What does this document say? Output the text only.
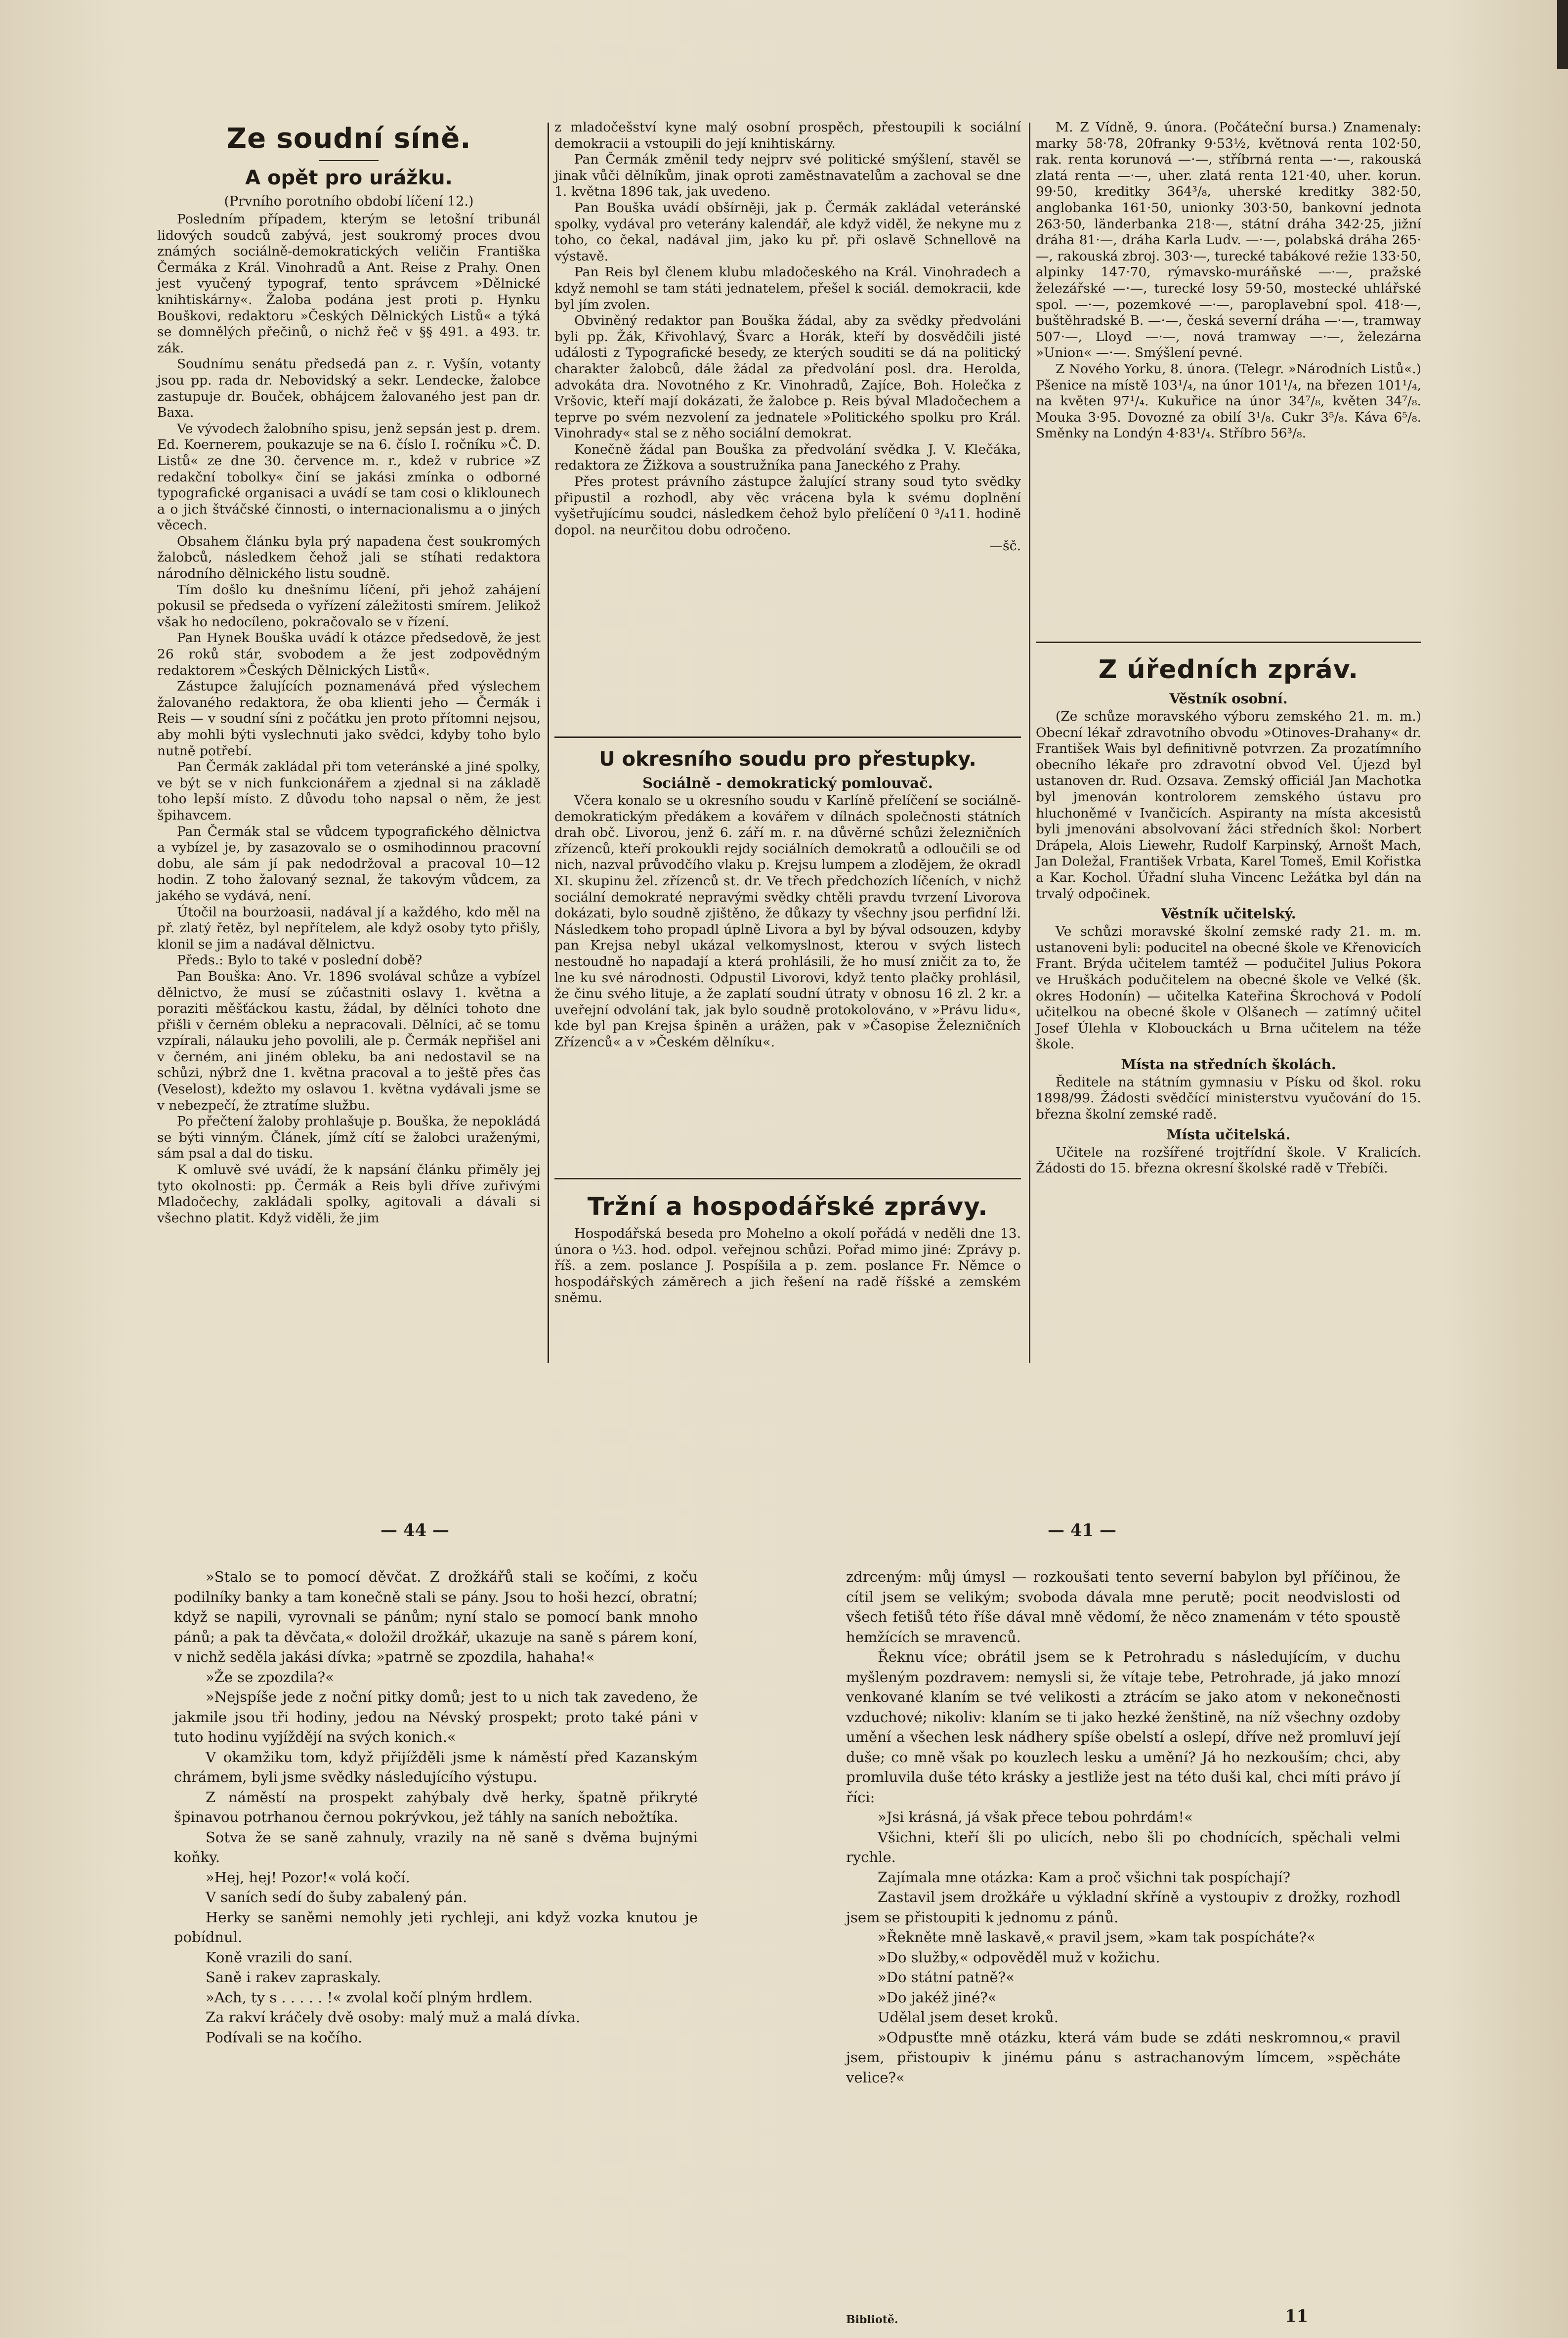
Ze soudní síně.
A opět pro urážku.
(Prvního porotního období líčení 12.)

Posledním případem, kterým se letošní tribunál lidových soudců zabývá, jest soukromý proces dvou známých sociálně-demokratických veličin Františka Čermáka z Král. Vinohradů a Ant. Reise z Prahy. Onen jest vyučený typograf, tento správcem »Dělnické knihtiskárny«. Žaloba podána jest proti p. Hynku Bouškovi, redaktoru »Českých Dělnických Listů« a týká se domnělých přečinů, o nichž řeč v §§ 491. a 493. tr. zák.

Soudnímu senátu předsedá pan z. r. Vyšín, votanty jsou pp. rada dr. Nebovidský a sekr. Lendecke, žalobce zastupuje dr. Bouček, obhájcem žalovaného jest pan dr. Baxa.

Ve vývodech žalobního spisu, jenž sepsán jest p. drem. Ed. Koernerem, poukazuje se na 6. číslo I. ročníku »Č. D. Listů« ze dne 30. července m. r., kdež v rubrice »Z redakční tobolky« činí se jakási zmínka o odborné typografické organisaci a uvádí se tam cosi o kliklounech a o jich štváčské činnosti, o internacionalismu a o jiných věcech.

Obsahem článku byla prý napadena čest soukromých žalobců, následkem čehož jali se stíhati redaktora národního dělnického listu soudně.

Tím došlo ku dnešnímu líčení, při jehož zahájení pokusil se předseda o vyřízení záležitosti smírem. Jelikož však ho nedocíleno, pokračovalo se v řízení.

Pan Hynek Bouška uvádí k otázce předsedově, že jest 26 roků stár, svobodem a že jest zodpovědným redaktorem »Českých Dělnických Listů«.

Zástupce žalujících poznamenává před výslechem žalovaného redaktora, že oba klienti jeho — Čermák i Reis — v soudní síni z počátku jen proto přítomni nejsou, aby mohli býti vyslechnuti jako svědci, kdyby toho bylo nutně potřebí.

Pan Čermák zakládal při tom veteránské a jiné spolky, ve být se v nich funkcionářem a zjednal si na základě toho lepší místo. Z důvodu toho napsal o něm, že jest špihavcem.

Pan Čermák stal se vůdcem typografického dělnictva a vybízel je, by zasazovalo se o osmihodinnou pracovní dobu, ale sám jí pak nedodržoval a pracoval 10—12 hodin. Z toho žalovaný seznal, že takovým vůdcem, za jakého se vydává, není.

Útočil na bourżoasii, nadával jí a každého, kdo měl na př. zlatý řetěz, byl nepřítelem, ale když osoby tyto přišly, klonil se jim a nadával dělnictvu.

Předs.: Bylo to také v poslední době?

Pan Bouška: Ano. Vr. 1896 svolával schůze a vybízel dělnictvo, že musí se zúčastniti oslavy 1. května a poraziti měšťáckou kastu, žádal, by dělníci tohoto dne přišli v černém obleku a nepracovali. Dělníci, ač se tomu vzpírali, nálauku jeho povolili, ale p. Čermák nepřišel ani v černém, ani jiném obleku, ba ani nedostavil se na schůzi, nýbrž dne 1. května pracoval a to ještě přes čas (Veselost), kdežto my oslavou 1. května vydávali jsme se v nebezpečí, že ztratíme službu.

Po přečtení žaloby prohlašuje p. Bouška, že nepokládá se býti vinným. Článek, jímž cítí se žalobci uraženými, sám psal a dal do tisku.

K omluvě své uvádí, že k napsání článku přiměly jej tyto okolnosti: pp. Čermák a Reis byli dříve zuřivými Mladočechy, zakládali spolky, agitovali a dávali si všechno platit. Když viděli, že jim

z mladočešství kyne malý osobní prospěch, přestoupili k sociální demokracii a vstoupili do její knihtiskárny.

Pan Čermák změnil tedy nejprv své politické smýšlení, stavěl se jinak vůči dělníkům, jinak oproti zaměstnavatelům a zachoval se dne 1. května 1896 tak, jak uvedeno.

Pan Bouška uvádí obšírněji, jak p. Čermák zakládal veteránské spolky, vydával pro veterány kalendář, ale když viděl, že nekyne mu z toho, co čekal, nadával jim, jako ku př. při oslavě Schnellově na výstavě.

Pan Reis byl členem klubu mladočeského na Král. Vinohradech a když nemohl se tam státi jednatelem, přešel k sociál. demokracii, kde byl jím zvolen.

Obviněný redaktor pan Bouška žádal, aby za svědky předvoláni byli pp. Žák, Křivohlavý, Švarc a Horák, kteří by dosvědčili jisté události z Typografické besedy, ze kterých souditi se dá na politický charakter žalobců, dále žádal za předvolání posl. dra. Herolda, advokáta dra. Novotného z Kr. Vinohradů, Zajíce, Boh. Holečka z Vršovic, kteří mají dokázati, že žalobce p. Reis býval Mladočechem a teprve po svém nezvolení za jednatele »Politického spolku pro Král. Vinohrady« stal se z něho sociální demokrat.

Konečně žádal pan Bouška za předvolání svědka J. V. Klečáka, redaktora ze Žižkova a soustružníka pana Janeckého z Prahy.

Přes protest právního zástupce žalující strany soud tyto svědky připustil a rozhodl, aby věc vrácena byla k svému doplnění vyšetřujícímu soudci, následkem čehož bylo přelíčení 0 ³/₄11. hodině dopol. na neurčitou dobu odročeno.

—šč.

U okresního soudu pro přestupky.
Sociálně - demokratický pomlouvač.

Včera konalo se u okresního soudu v Karlíně přelíčení se sociálně-demokratickým předákem a kovářem v dílnách společnosti státních drah obč. Livorou, jenž 6. září m. r. na důvěrné schůzi železničních zřízenců, kteří prokoukli rejdy sociálních demokratů a odloučili se od nich, nazval průvodčího vlaku p. Krejsu lumpem a zlodějem, že okradl XI. skupinu žel. zřízenců st. dr. Ve třech předchozích líčeních, v nichž sociální demokraté nepravými svědky chtěli pravdu tvrzení Livorova dokázati, bylo soudně zjištěno, že důkazy ty všechny jsou perfidní lži. Následkem toho propadl úplně Livora a byl by býval odsouzen, kdyby pan Krejsa nebyl ukázal velkomyslnost, kterou v svých listech nestoudně ho napadají a která prohlásili, že ho musí zničit za to, že lne ku své národnosti. Odpustil Livorovi, když tento plačky prohlásil, že činu svého lituje, a že zaplatí soudní útraty v obnosu 16 zl. 2 kr. a uveřejní odvolání tak, jak bylo soudně protokolováno, v »Právu lidu«, kde byl pan Krejsa špiněn a urážen, pak v »Časopise Železničních Zřízenců« a v »Českém dělníku«.

Tržní a hospodářské zprávy.

Hospodářská beseda pro Mohelno a okolí pořádá v neděli dne 13. února o ½3. hod. odpol. veřejnou schůzi. Pořad mimo jiné: Zprávy p. říš. a zem. poslance J. Pospíšila a p. zem. poslance Fr. Němce o hospodářských záměrech a jich řešení na radě říšské a zemském sněmu.

M. Z Vídně, 9. února. (Počáteční bursa.) Znamenaly: marky 58·78, 20franky 9·53½, květnová renta 102·50, rak. renta korunová —·—, stříbrná renta —·—, rakouská zlatá renta —·—, uher. zlatá renta 121·40, uher. korun. 99·50, kreditky 364³/₈, uherské kreditky 382·50, anglobanka 161·50, unionky 303·50, bankovní jednota 263·50, länderbanka 218·—, státní dráha 342·25, jižní dráha 81·—, dráha Karla Ludv. —·—, polabská dráha 265·—, rakouská zbroj. 303·—, turecké tabákové režie 133·50, alpinky 147·70, rýmavsko-muráňské —·—, pražské železářské —·—, turecké losy 59·50, mostecké uhlářské spol. —·—, pozemkové —·—, paroplavební spol. 418·—, buštěhradské B. —·—, česká severní dráha —·—, tramway 507·—, Lloyd —·—, nová tramway —·—, železárna »Union« —·—. Smýšlení pevné.

Z Nového Yorku, 8. února. (Telegr. »Národních Listů«.) Pšenice na místě 103¹/₄, na únor 101¹/₄, na březen 101¹/₄, na květen 97¹/₄. Kukuřice na únor 34⁷/₈, květen 34⁷/₈. Mouka 3·95. Dovozné za obilí 3¹/₈. Cukr 3⁵/₈. Káva 6⁵/₈. Směnky na Londýn 4·83¹/₄. Stříbro 56³/₈.

Z úředních zpráv.
Věstník osobní.

(Ze schůze moravského výboru zemského 21. m. m.) Obecní lékař zdravotního obvodu »Otinoves-Drahany« dr. František Wais byl definitivně potvrzen. Za prozatímního obecního lékaře pro zdravotní obvod Vel. Újezd byl ustanoven dr. Rud. Ozsava. Zemský officiál Jan Machotka byl jmenován kontrolorem zemského ústavu pro hluchoněmé v Ivančicích. Aspiranty na místa akcesistů byli jmenováni absolvovaní žáci středních škol: Norbert Drápela, Alois Liewehr, Rudolf Karpinský, Arnošt Mach, Jan Doležal, František Vrbata, Karel Tomeš, Emil Kořistka a Kar. Kochol. Úřadní sluha Vincenc Ležátka byl dán na trvalý odpočinek.

Věstník učitelský.

Ve schůzi moravské školní zemské rady 21. m. m. ustanoveni byli: poducitel na obecné škole ve Křenovicích Frant. Brýda učitelem tamtéž — podučitel Julius Pokora ve Hruškách podučitelem na obecné škole ve Velké (šk. okres Hodonín) — učitelka Kateřina Škrochová v Podolí učitelkou na obecné škole v Olšanech — zatímný učitel Josef Úlehla v Klobouckách u Brna učitelem na téže škole.

Místa na středních školách.

Ředitele na státním gymnasiu v Písku od škol. roku 1898/99. Žádosti svědčící ministerstvu vyučování do 15. března školní zemské radě.

Místa učitelská.

Učitele na rozšířené trojtřídní škole. V Kralicích. Žádosti do 15. března okresní školské radě v Třebíči.

— 44 —	— 41 —

»Stalo se to pomocí děvčat. Z drožkářů stali se kočími, z koču podilníky banky a tam konečně stali se pány. Jsou to hoši hezcí, obratní; když se napili, vyrovnali se pánům; nyní stalo se pomocí bank mnoho pánů; a pak ta děvčata,« doložil drožkář, ukazuje na saně s párem koní, v nichž seděla jakási dívka; »patrně se zpozdila, hahaha!«

»Že se zpozdila?«

»Nejspíše jede z noční pitky domů; jest to u nich tak zavedeno, že jakmile jsou tři hodiny, jedou na Névský prospekt; proto také páni v tuto hodinu vyjíždějí na svých konich.«

V okamžiku tom, když přijížděli jsme k náměstí před Kazanským chrámem, byli jsme svědky následujícího výstupu.

Z náměstí na prospekt zahýbaly dvě herky, špatně přikryté špinavou potrhanou černou pokrývkou, jež táhly na saních nebožtíka.

Sotva že se saně zahnuly, vrazily na ně saně s dvěma bujnými koňky.

»Hej, hej! Pozor!« volá kočí.

V saních sedí do šuby zabalený pán.

Herky se saněmi nemohly jeti rychleji, ani když vozka knutou je pobídnul.

Koně vrazili do saní.

Saně i rakev zapraskaly.

»Ach, ty s . . . . . !« zvolal kočí plným hrdlem.

Za rakví kráčely dvě osoby: malý muž a malá dívka.

Podívali se na kočího.

zdrceným: můj úmysl — rozkoušati tento severní babylon byl příčinou, že cítil jsem se velikým; svoboda dávala mne perutě; pocit neodvislosti od všech fetišů této říše dával mně vědomí, že něco znamenám v této spoustě hemžících se mravenců.

Řeknu více; obrátil jsem se k Petrohradu s následujícím, v duchu myšleným pozdravem: nemysli si, že vítaje tebe, Petrohrade, já jako mnozí venkované klaním se tvé velikosti a ztrácím se jako atom v nekonečnosti vzduchové; nikoliv: klaním se ti jako hezké ženštině, na níž všechny ozdoby umění a všechen lesk nádhery spíše obelstí a oslepí, dříve než promluví její duše; co mně však po kouzlech lesku a umění? Já ho nezkouším; chci, aby promluvila duše této krásky a jestliže jest na této duši kal, chci míti právo jí říci:

»Jsi krásná, já však přece tebou pohrdám!«

Všichni, kteří šli po ulicích, nebo šli po chodnících, spěchali velmi rychle.

Zajímala mne otázka: Kam a proč všichni tak pospíchají?

Zastavil jsem drožkáře u výkladní skříně a vystoupiv z drožky, rozhodl jsem se přistoupiti k jednomu z pánů.

»Řekněte mně laskavě,« pravil jsem, »kam tak pospícháte?«

»Do služby,« odpověděl muž v kožichu.

»Do státní patně?«

»Do jakéž jiné?«

Udělal jsem deset kroků.

»Odpusťte mně otázku, která vám bude se zdáti neskromnou,« pravil jsem, přistoupiv k jinému pánu s astrachanovým límcem, »spěcháte velice?«

Bibliotě.	11
